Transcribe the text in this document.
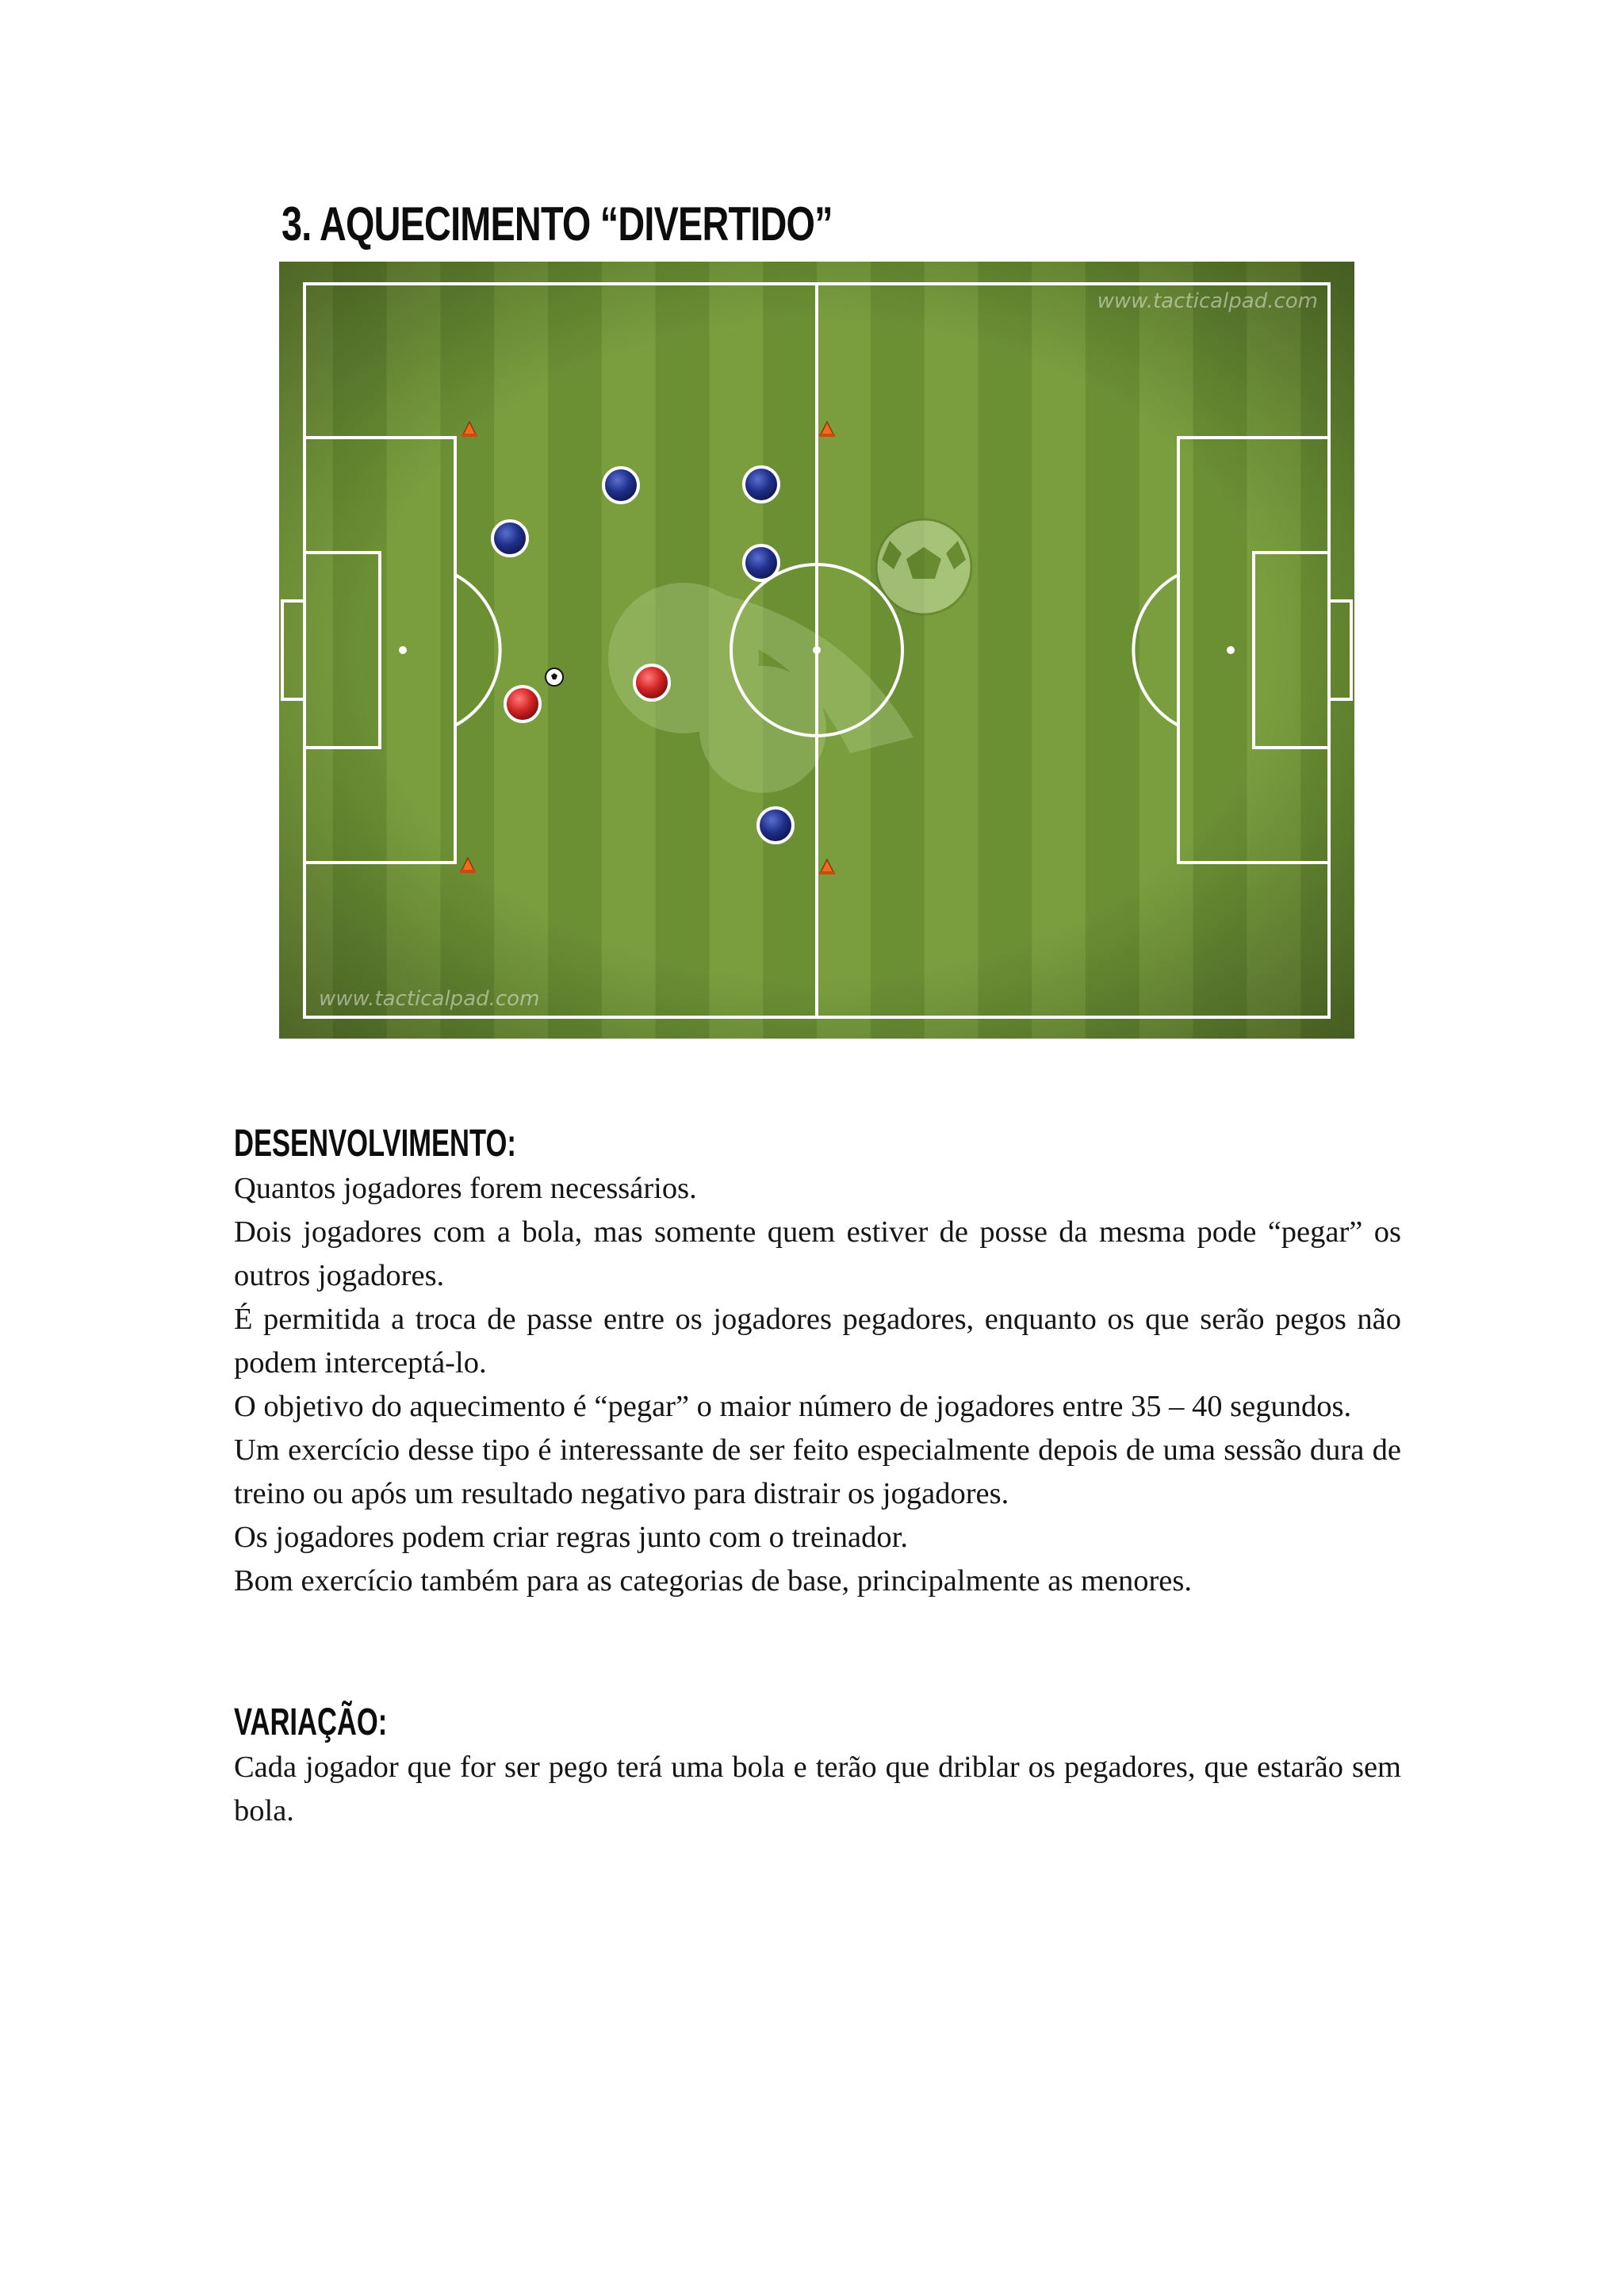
3. AQUECIMENTO “DIVERTIDO”
www.tacticalpad.com
www.tacticalpad.com
DESENVOLVIMENTO:

Quantos jogadores forem necessários.

Dois jogadores com a bola, mas somente quem estiver de posse da mesma pode “pegar” os outros jogadores.

É permitida a troca de passe entre os jogadores pegadores, enquanto os que serão pegos não podem interceptá-lo.

O objetivo do aquecimento é “pegar” o maior número de jogadores entre 35 – 40 segundos.

Um exercício desse tipo é interessante de ser feito especialmente depois de uma sessão dura de treino ou após um resultado negativo para distrair os jogadores.

Os jogadores podem criar regras junto com o treinador.

Bom exercício também para as categorias de base, principalmente as menores.

VARIAÇÃO:

Cada jogador que for ser pego terá uma bola e terão que driblar os pegadores, que estarão sem bola.
